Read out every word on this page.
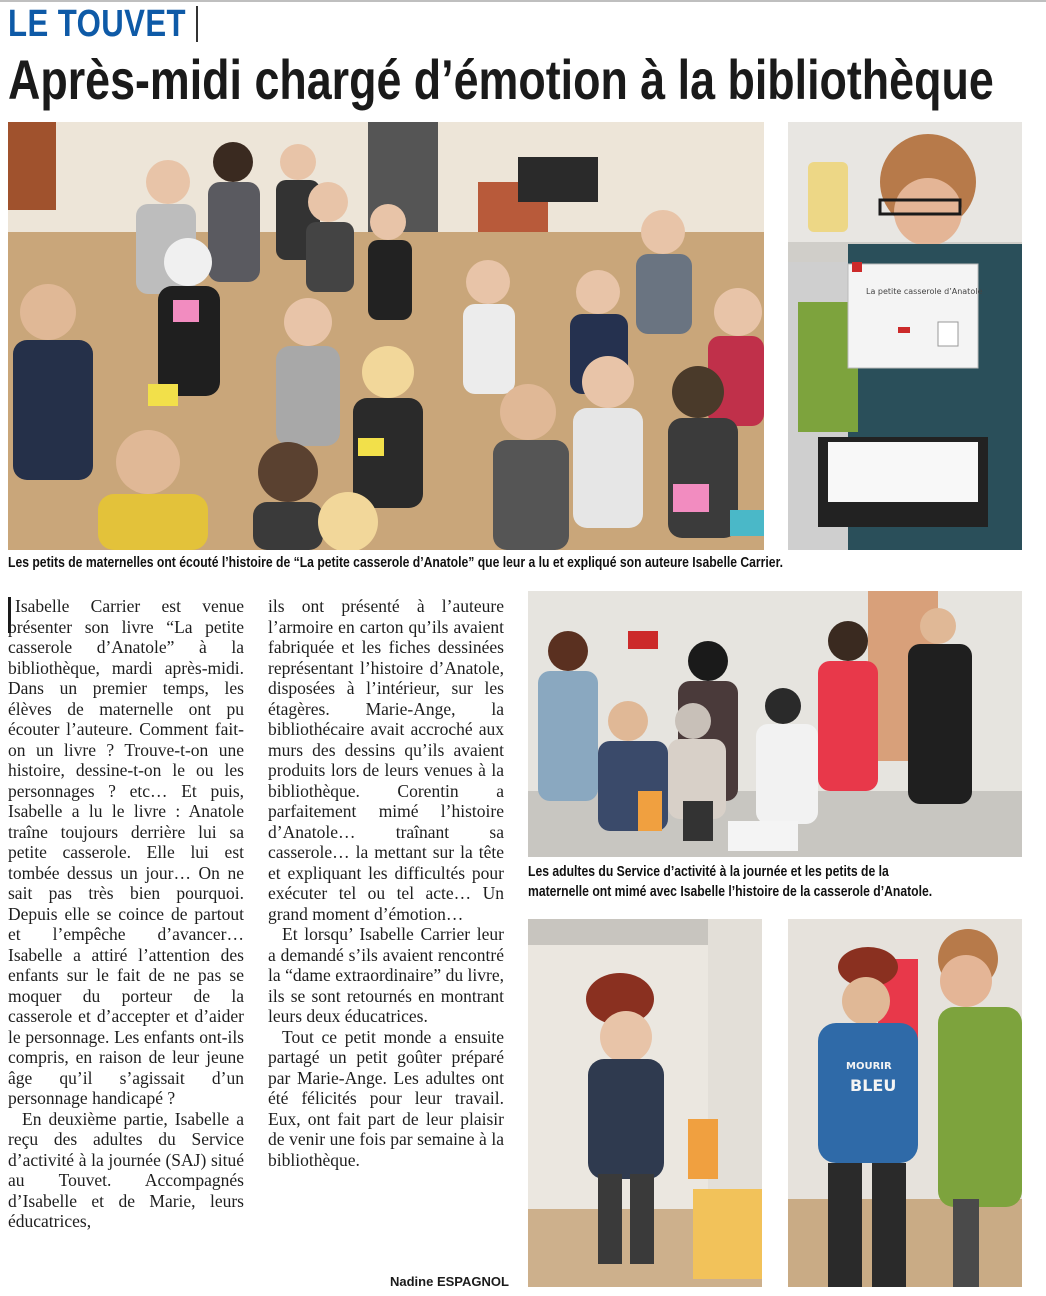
LE TOUVET
Après-midi chargé d’émotion à la bibliothèque
La petite casserole d’Anatole
Les petits de maternelles ont écouté l’histoire de “La petite casserole d’Anatole” que leur a lu et expliqué son auteure Isabelle Carrier.

Isabelle Carrier est venue présenter son livre “La petite casserole d’Anatole” à la bibliothèque, mardi après-midi. Dans un premier temps, les élèves de maternelle ont pu écouter l’auteure. Comment fait-on un livre ? Trouve-t-on une histoire, dessine-t-on le ou les personnages ? etc… Et puis, Isabelle a lu le livre : Anatole traîne toujours derrière lui sa petite casserole. Elle lui est tombée dessus un jour… On ne sait pas très bien pourquoi. Depuis elle se coince de partout et l’empêche d’avancer… Isabelle a attiré l’attention des enfants sur le fait de ne pas se moquer du porteur de la casserole et d’accepter et d’aider le personnage. Les enfants ont-ils compris, en raison de leur jeune âge qu’il s’agissait d’un personnage handicapé ?

En deuxième partie, Isabelle a reçu des adultes du Service d’activité à la journée (SAJ) situé au Touvet. Accompagnés d’Isabelle et de Marie, leurs éducatrices,

ils ont présenté à l’auteure l’armoire en carton qu’ils avaient fabriquée et les fiches dessinées représentant l’histoire d’Anatole, disposées à l’intérieur, sur les étagères. Marie-Ange, la bibliothécaire avait accroché aux murs des dessins qu’ils avaient produits lors de leurs venues à la bibliothèque. Corentin a parfaitement mimé l’histoire d’Anatole… traînant sa casserole… la mettant sur la tête et expliquant les difficultés pour exécuter tel ou tel acte… Un grand moment d’émotion…

Et lorsqu’ Isabelle Carrier leur a demandé s’ils avaient rencontré la “dame extraordinaire” du livre, ils se sont retournés en montrant leurs deux éducatrices.

Tout ce petit monde a ensuite partagé un petit goûter préparé par Marie-Ange. Les adultes ont été félicités pour leur travail. Eux, ont fait part de leur plaisir de venir une fois par semaine à la bibliothèque.

Nadine ESPAGNOL
Les adultes du Service d’activité à la journée et les petits de la
maternelle ont mimé avec Isabelle l’histoire de la casserole d’Anatole.
MOURIR
BLEU
